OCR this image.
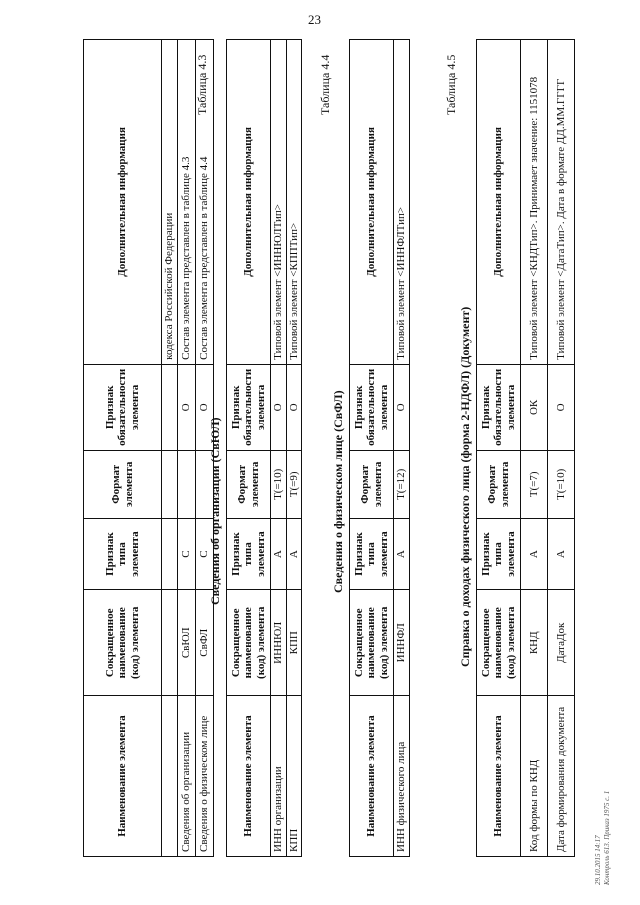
23
Наименование элемента	Сокращенное наименование (код) элемента	Признак типа элемента	Формат элемента	Признак обязательности элемента	Дополнительная информация
					кодекса Российской Федерации
Сведения об организации	СвЮЛ	С		О	Состав элемента представлен в таблице 4.3
Сведения о физическом лице	СвФЛ	С		О	Состав элемента представлен в таблице 4.4
Таблица 4.3
Сведения об организации (СвЮЛ)
Наименование элемента	Сокращенное наименование (код) элемента	Признак типа элемента	Формат элемента	Признак обязательности элемента	Дополнительная информация
ИНН организации	ИННЮЛ	А	T(=10)	О	Типовой элемент <ИННЮЛТип>
КПП	КПП	А	T(=9)	О	Типовой элемент <КППТип>
Таблица 4.4
Сведения о физическом лице (СвФЛ)
Наименование элемента	Сокращенное наименование (код) элемента	Признак типа элемента	Формат элемента	Признак обязательности элемента	Дополнительная информация
ИНН физического лица	ИННФЛ	А	T(=12)	О	Типовой элемент <ИННФЛТип>
Таблица 4.5
Справка о доходах физического лица (форма 2-НДФЛ) (Документ)
Наименование элемента	Сокращенное наименование (код) элемента	Признак типа элемента	Формат элемента	Признак обязательности элемента	Дополнительная информация
Код формы по КНД	КНД	А	T(=7)	ОК	Типовой элемент <КНДТип>. Принимает значение: 1151078
Дата формирования документа	ДатаДок	А	T(=10)	О	Типовой элемент <ДатаТип>. Дата в формате ДД.ММ.ГГГГ
29.10.2015 14:17 Контроль 613. Приказ 1975 с. 1
